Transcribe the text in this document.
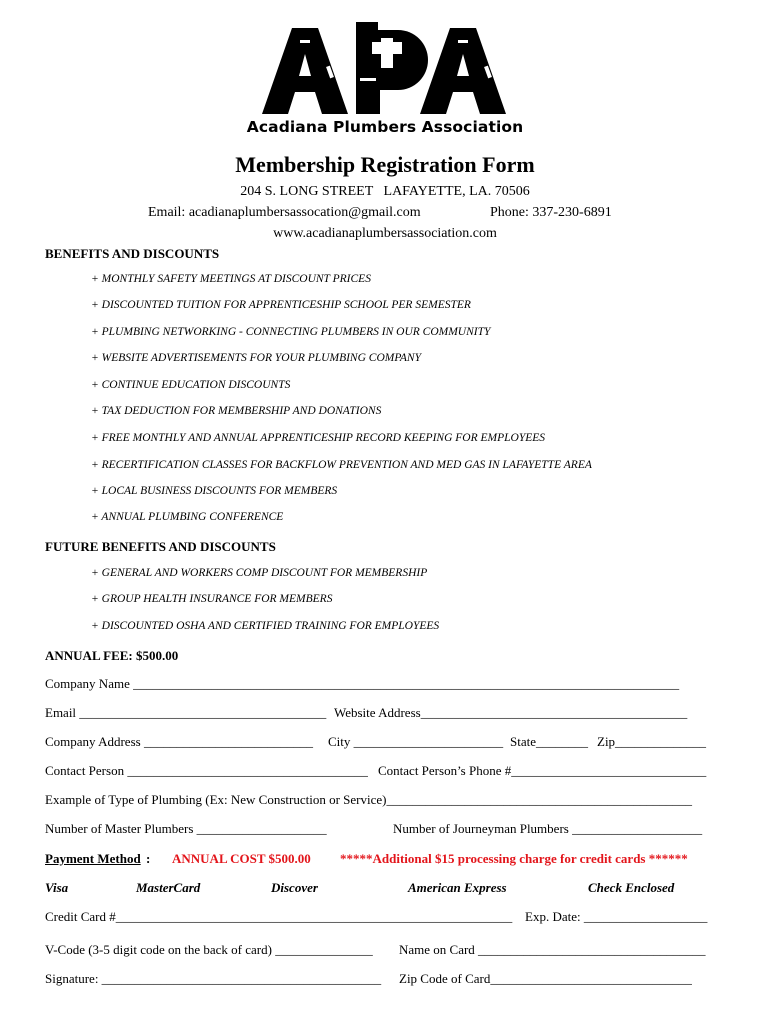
Acadiana Plumbers Association
Membership Registration Form
204 S. LONG STREET   LAFAYETTE, LA. 70506
Email: acadianaplumbersassocation@gmail.com	Phone: 337-230-6891
www.acadianaplumbersassociation.com
BENEFITS AND DISCOUNTS
+ MONTHLY SAFETY MEETINGS AT DISCOUNT PRICES
+ DISCOUNTED TUITION FOR APPRENTICESHIP SCHOOL PER SEMESTER
+ PLUMBING NETWORKING - CONNECTING PLUMBERS IN OUR COMMUNITY
+ WEBSITE ADVERTISEMENTS FOR YOUR PLUMBING COMPANY
+ CONTINUE EDUCATION DISCOUNTS
+ TAX DEDUCTION FOR MEMBERSHIP AND DONATIONS
+ FREE MONTHLY AND ANNUAL APPRENTICESHIP RECORD KEEPING FOR EMPLOYEES
+ RECERTIFICATION CLASSES FOR BACKFLOW PREVENTION AND MED GAS IN LAFAYETTE AREA
+ LOCAL BUSINESS DISCOUNTS FOR MEMBERS
+ ANNUAL PLUMBING CONFERENCE
FUTURE BENEFITS AND DISCOUNTS
+ GENERAL AND WORKERS COMP DISCOUNT FOR MEMBERSHIP
+ GROUP HEALTH INSURANCE FOR MEMBERS
+ DISCOUNTED OSHA AND CERTIFIED TRAINING FOR EMPLOYEES
ANNUAL FEE: $500.00
Company Name ____________________________________________________________________________________
Email ______________________________________ Website Address_________________________________________
Company Address __________________________ City _______________________ State________ Zip______________
Contact Person _____________________________________ Contact Person’s Phone #______________________________
Example of Type of Plumbing (Ex: New Construction or Service)_______________________________________________
Number of Master Plumbers ____________________	Number of Journeyman Plumbers ____________________
Payment Method : ANNUAL COST $500.00 *****Additional $15 processing charge for credit cards ******
Visa	MasterCard	Discover	American Express	Check Enclosed
Credit Card #_____________________________________________________________ Exp. Date: ___________________
V-Code (3-5 digit code on the back of card) _______________ Name on Card ___________________________________
Signature: ___________________________________________ Zip Code of Card_______________________________
